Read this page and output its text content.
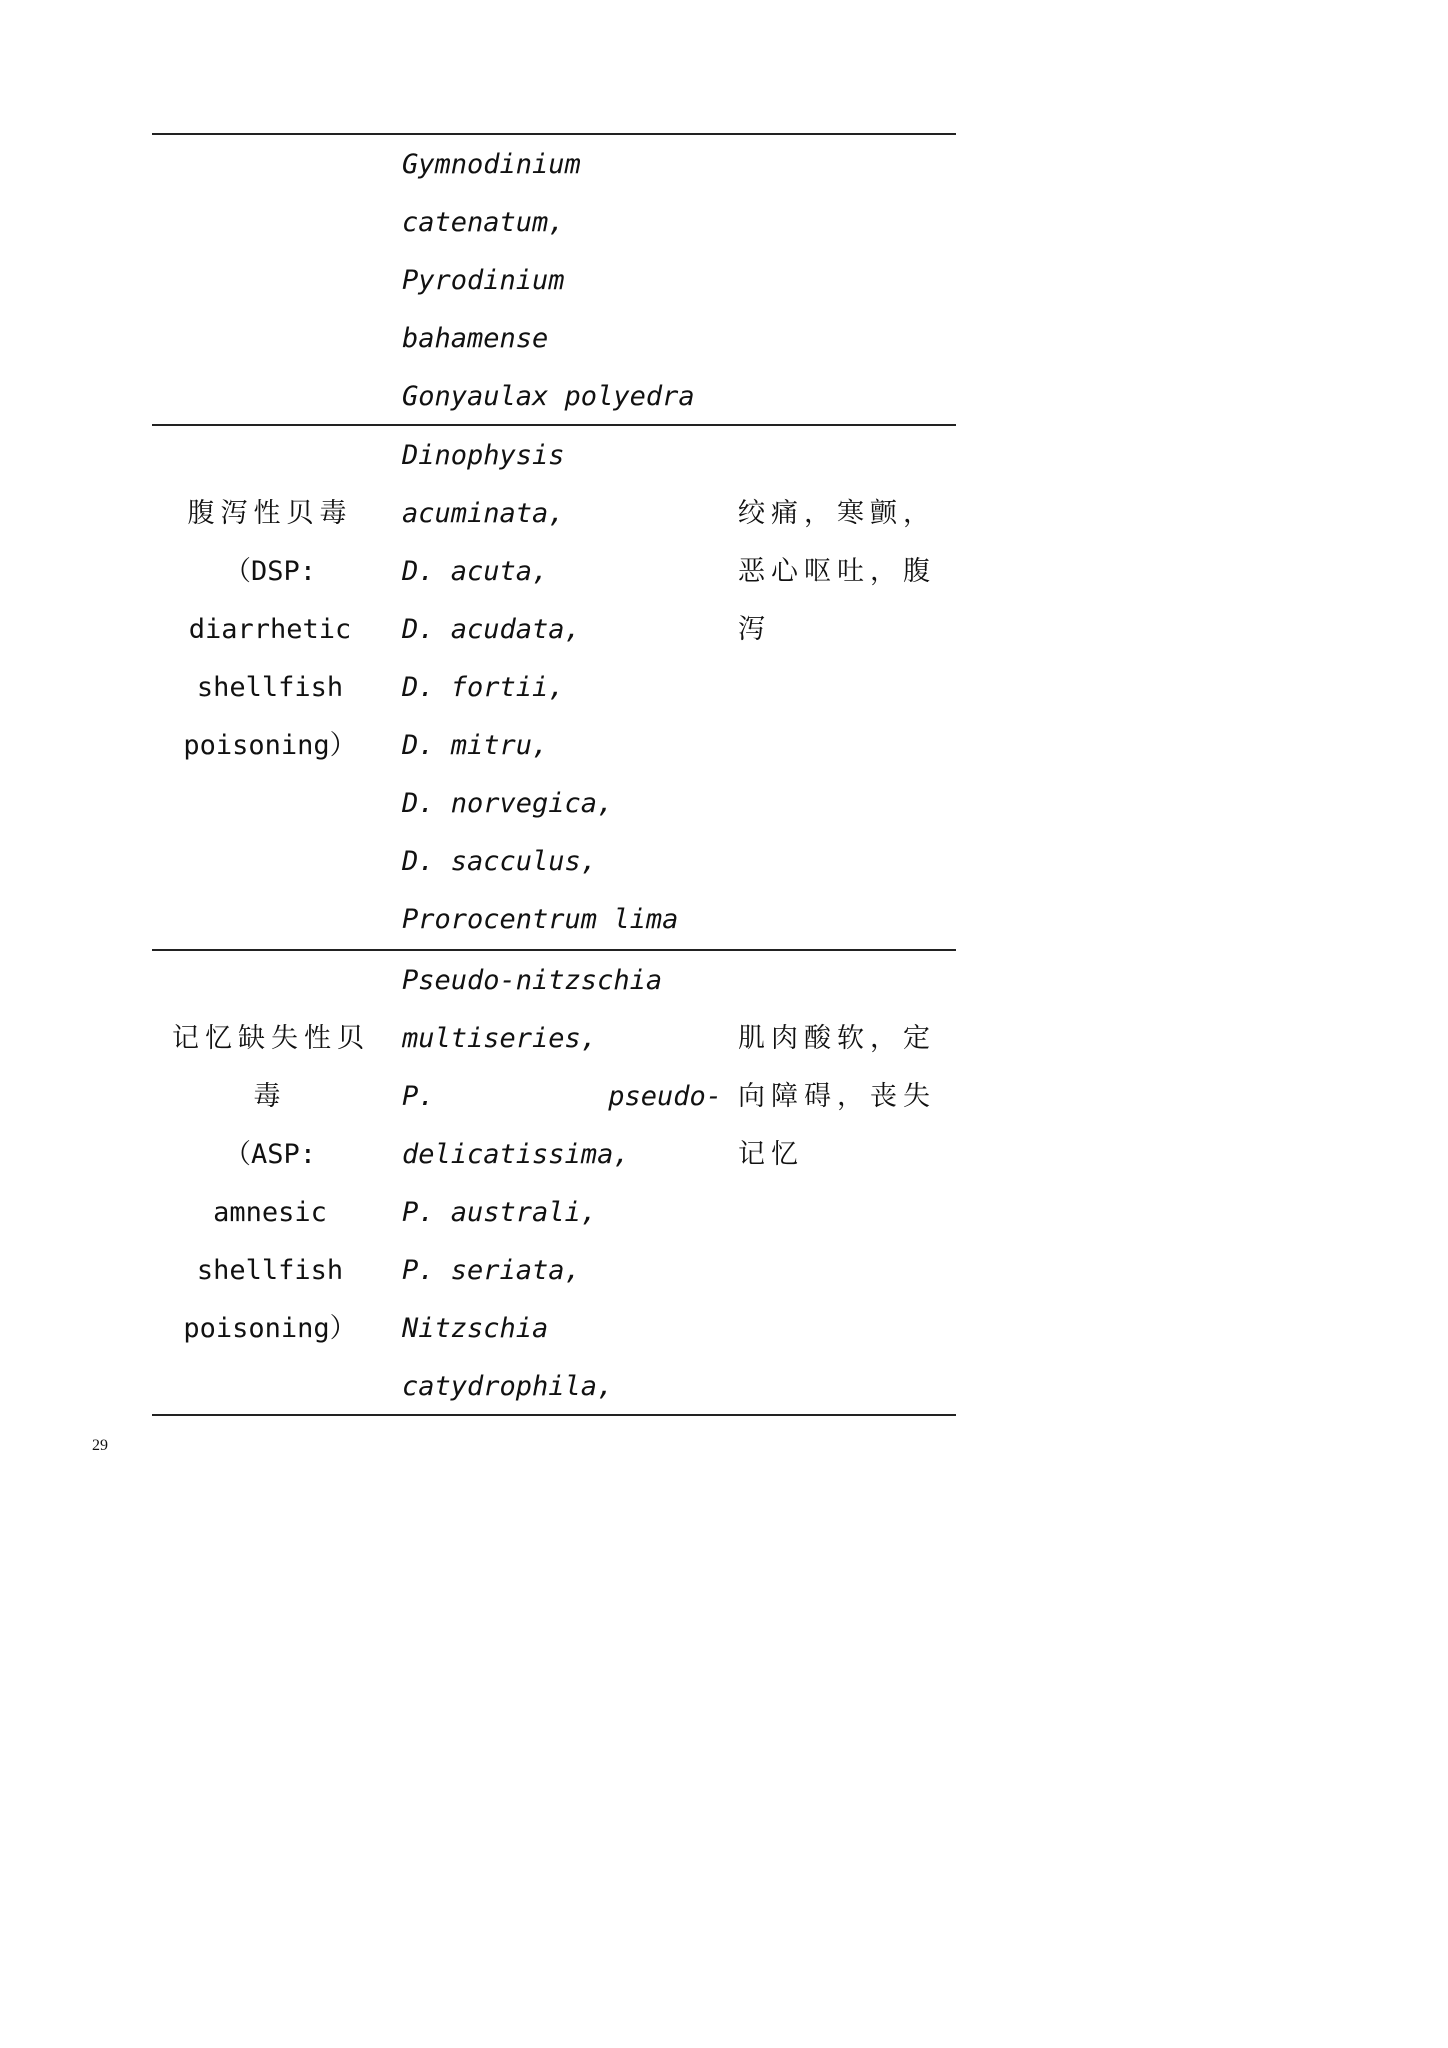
Gymnodinium
catenatum,
Pyrodinium
bahamense
Gonyaulax polyedra
腹泻性贝毒
（DSP:
diarrhetic
shellfish
poisoning）
Dinophysis
acuminata,
D. acuta,
D. acudata,
D. fortii,
D. mitru,
D. norvegica,
D. sacculus,
Prorocentrum lima
绞痛，寒颤，
恶心呕吐，腹
泻
记忆缺失性贝
毒
（ASP:
amnesic
shellfish
poisoning）
Pseudo-nitzschia
multiseries,
P.	pseudo-
delicatissima,
P. australi,
P. seriata,
Nitzschia
catydrophila,
肌肉酸软，定
向障碍，丧失
记忆
29
